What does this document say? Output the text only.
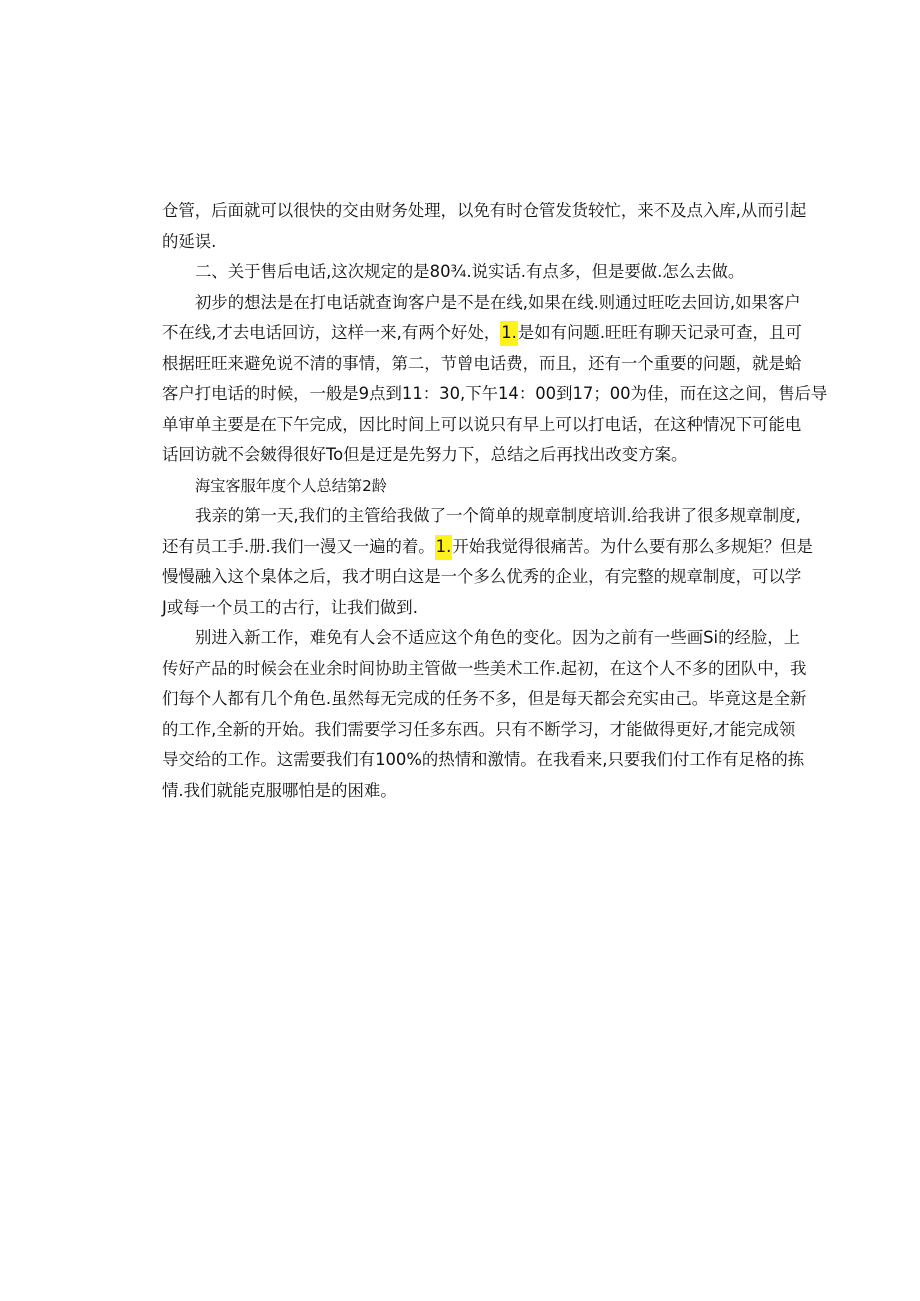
仓管，后面就可以很快的交由财务处理，以免有时仓管发货较忙，来不及点入库,从而引起
的延误.
二、关于售后电话,这次规定的是80¾.说实话.有点多，但是要做.怎么去做。
初步的想法是在打电话就查询客户是不是在线,如果在线.则通过旺吃去回访,如果客户
不在线,才去电话回访，这样一来,有两个好处，1.是如有问题.旺旺有聊天记录可查，且可
根据旺旺来避免说不清的事情，第二，节曾电话费，而且，还有一个重要的问题，就是蛤
客户打电话的时候，一般是9点到11：30,下午14：00到17；00为佳，而在这之间，售后导
单审单主要是在下午完成，因比时间上可以说只有早上可以打电话，在这种情况下可能电
话回访就不会皴得很好To但是迂是先努力下，总结之后再找出改变方案。
海宝客服年度个人总结第2龄
我亲的第一天,我们的主管给我做了一个简单的规章制度培训.给我讲了很多规章制度,
还有员工手.册.我们一漫又一遍的着。1.开始我觉得很痛苦。为什么要有那么多规矩？但是
慢慢融入这个臬体之后，我才明白这是一个多么优秀的企业，有完整的规章制度，可以学
J或每一个员工的古行，让我们做到.
别进入新工作，难免有人会不适应这个角色的变化。因为之前有一些画Si的经脸，上
传好产品的时候会在业余时间协助主管做一些美术工作.起初，在这个人不多的团队中，我
们每个人都有几个角色.虽然每无完成的任务不多，但是每天都会充实由己。毕竟这是全新
的工作,全新的开始。我们需要学习任多东西。只有不断学习，才能做得更好,才能完成领
导交给的工作。这需要我们有100%的热情和激情。在我看来,只要我们付工作有足格的拣
情.我们就能克服哪怕是的困难。
